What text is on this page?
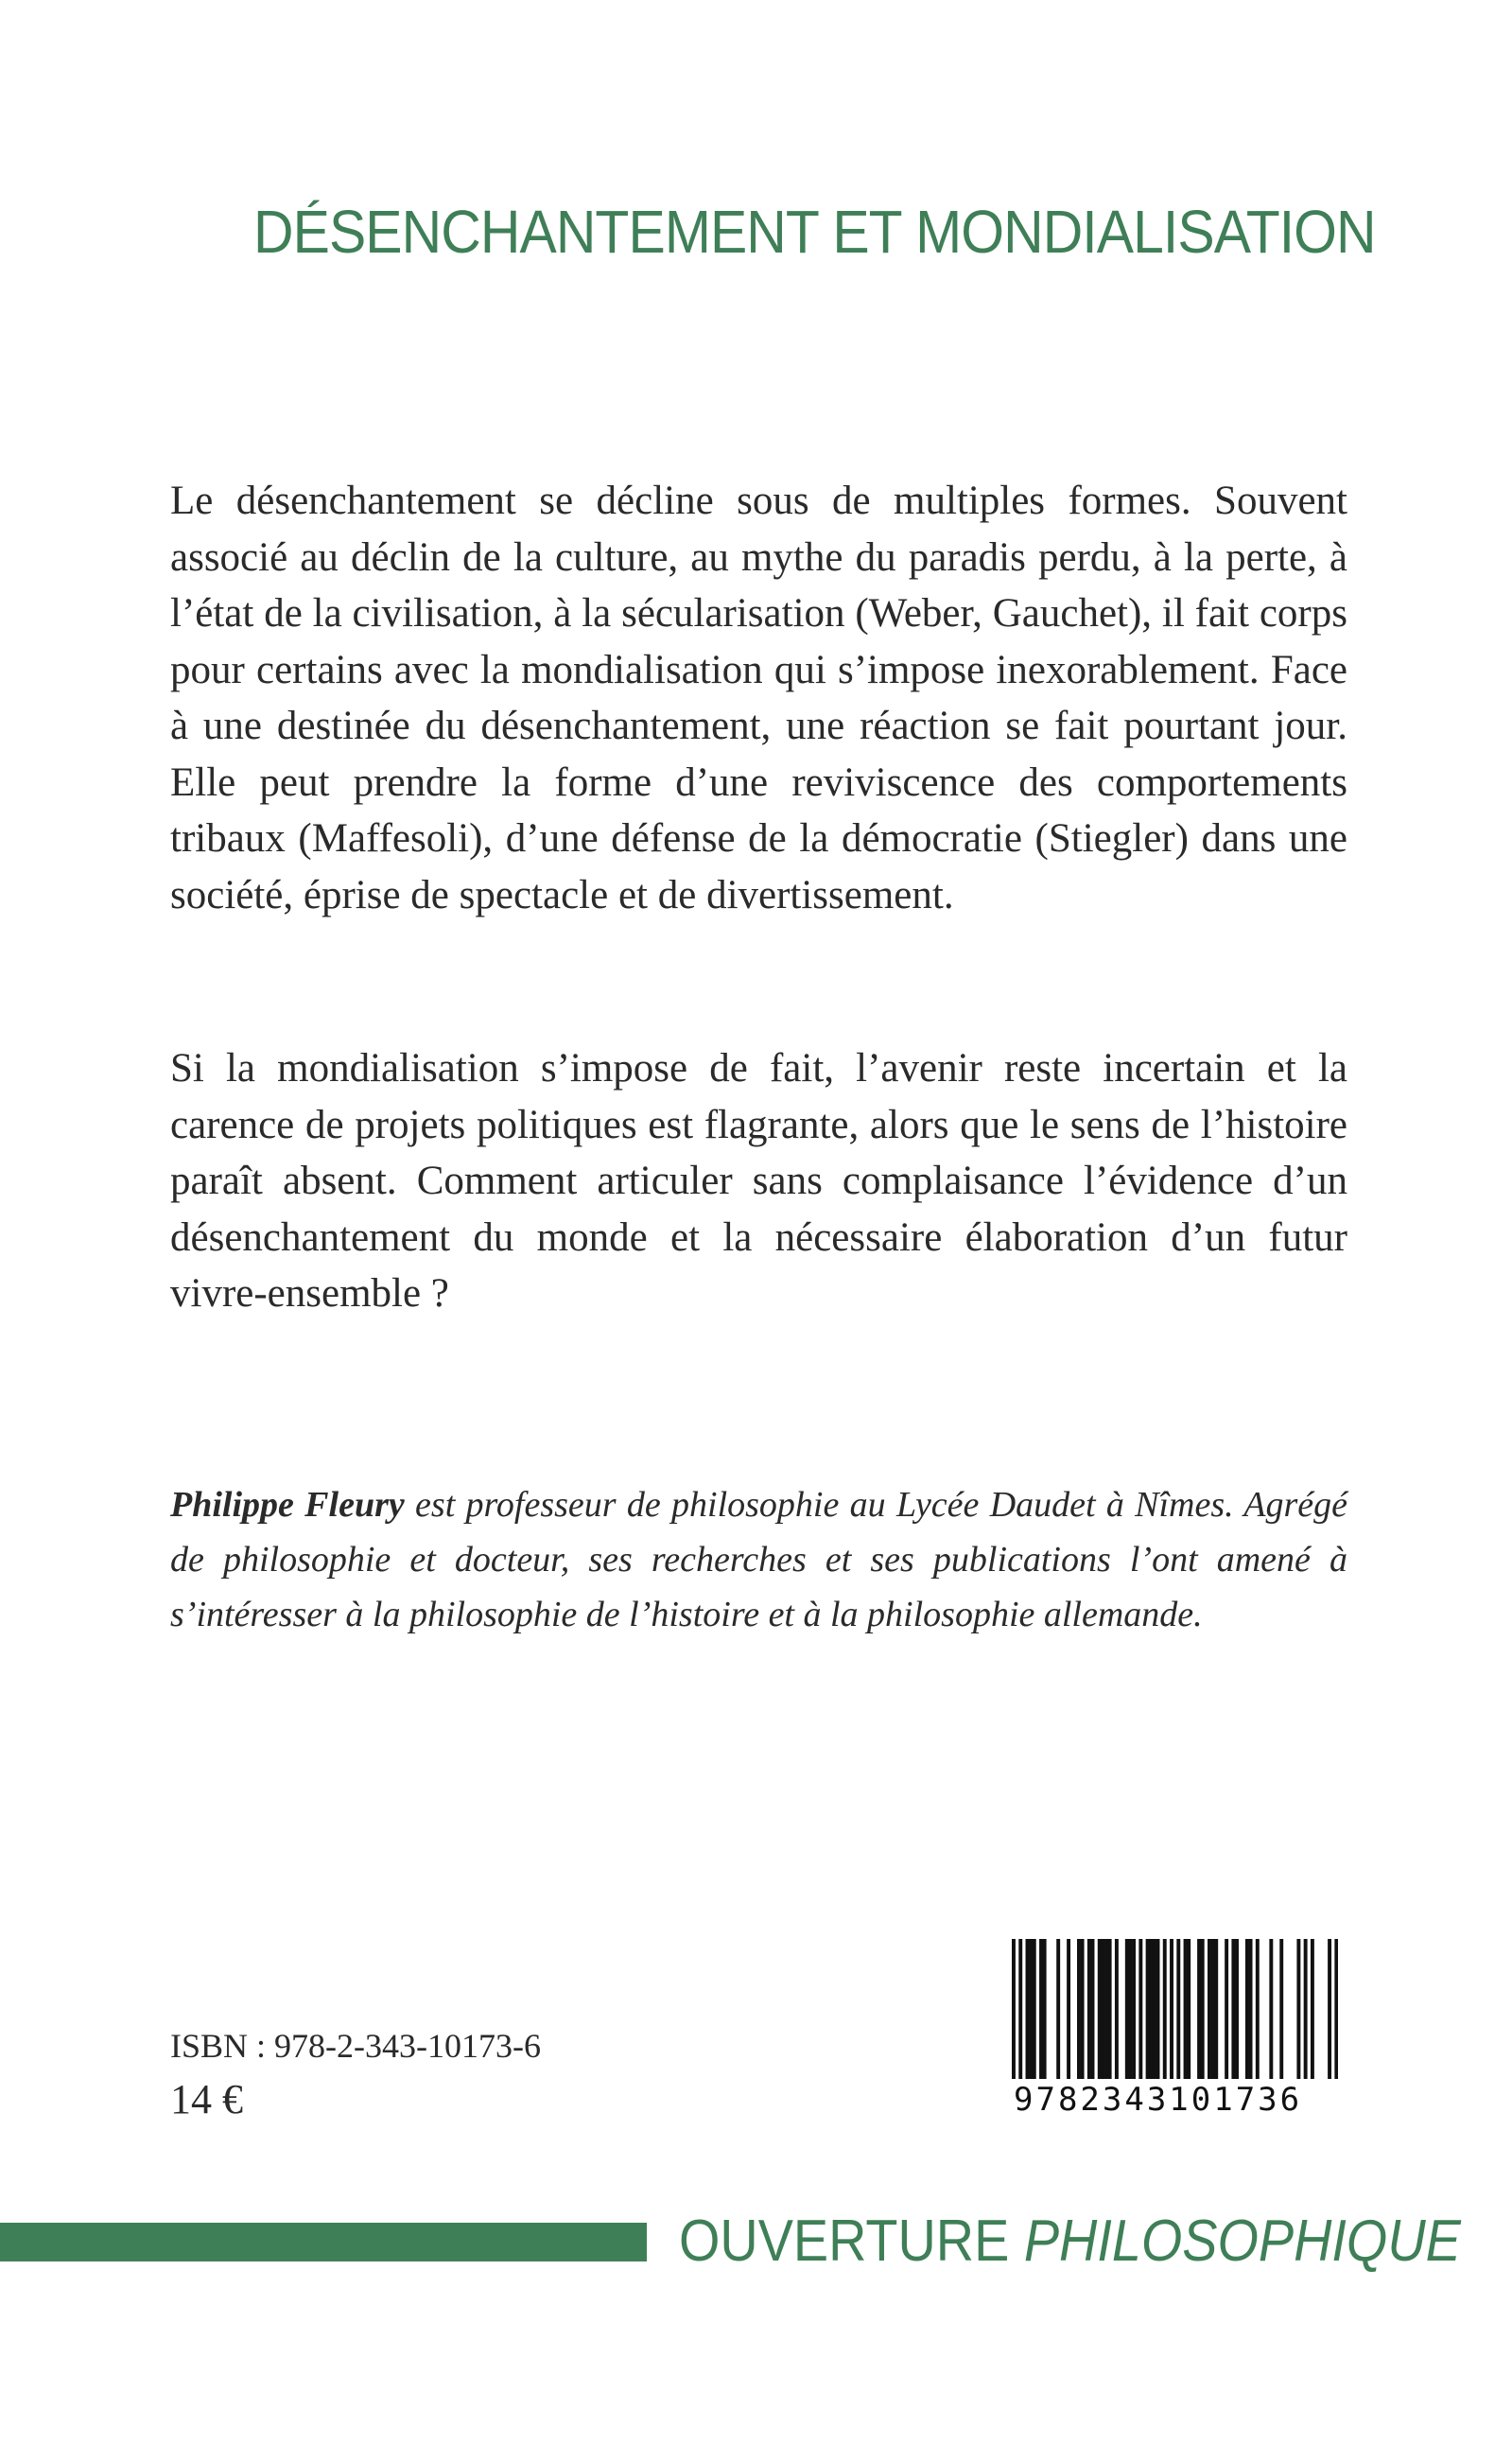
DÉSENCHANTEMENT ET MONDIALISATION

Le désenchantement se décline sous de multiples formes. Souvent associé au déclin de la culture, au mythe du paradis perdu, à la perte, à l’état de la civilisation, à la sécularisation (Weber, Gauchet), il fait corps pour certains avec la mondialisation qui s’impose inexorablement. Face à une destinée du désenchantement, une réaction se fait pourtant jour. Elle peut prendre la forme d’une reviviscence des comportements tribaux (Maffesoli), d’une défense de la démocratie (Stiegler) dans une société, éprise de spectacle et de divertissement.

Si la mondialisation s’impose de fait, l’avenir reste incertain et la carence de projets politiques est flagrante, alors que le sens de l’histoire paraît absent. Comment articuler sans complaisance l’évidence d’un désenchantement du monde et la nécessaire élaboration d’un futur vivre-ensemble ?

Philippe Fleury est professeur de philosophie au Lycée Daudet à Nîmes. Agrégé de philosophie et docteur, ses recherches et ses publications l’ont amené à s’intéresser à la philosophie de l’histoire et à la philosophie allemande.

ISBN : 978-2-343-10173-6
14 €	9782343101736
OUVERTURE PHILOSOPHIQUE
